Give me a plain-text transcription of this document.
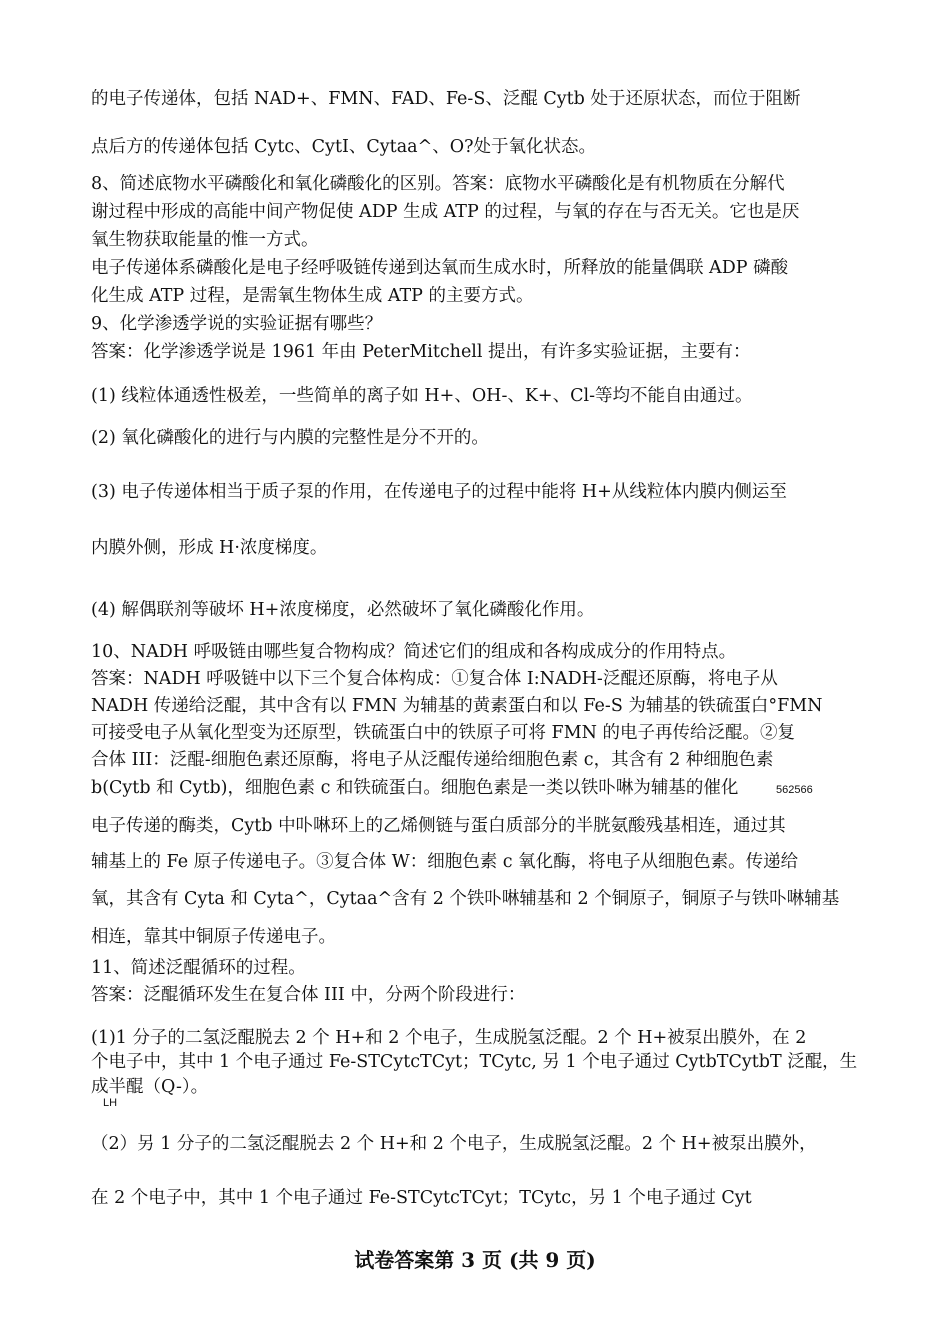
的电子传递体，包括 NAD+、FMN、FAD、Fe-S、泛醌 Cytb 处于还原状态，而位于阻断
点后方的传递体包括 Cytc、CytI、Cytaa^、O?处于氧化状态。
8、简述底物水平磷酸化和氧化磷酸化的区别。答案：底物水平磷酸化是有机物质在分解代
谢过程中形成的高能中间产物促使 ADP 生成 ATP 的过程，与氧的存在与否无关。它也是厌
氧生物获取能量的惟一方式。
电子传递体系磷酸化是电子经呼吸链传递到达氧而生成水时，所释放的能量偶联 ADP 磷酸
化生成 ATP 过程，是需氧生物体生成 ATP 的主要方式。
9、化学渗透学说的实验证据有哪些？
答案：化学渗透学说是 1961 年由 PeterMitchell 提出，有许多实验证据，主要有：
(1) 线粒体通透性极差，一些简单的离子如 H+、OH-、K+、Cl-等均不能自由通过。
(2) 氧化磷酸化的进行与内膜的完整性是分不开的。
(3) 电子传递体相当于质子泵的作用，在传递电子的过程中能将 H+从线粒体内膜内侧运至
内膜外侧，形成 H·浓度梯度。
(4) 解偶联剂等破坏 H+浓度梯度，必然破坏了氧化磷酸化作用。
10、NADH 呼吸链由哪些复合物构成？简述它们的组成和各构成成分的作用特点。
答案：NADH 呼吸链中以下三个复合体构成：①复合体 I:NADH-泛醌还原酶，将电子从
NADH 传递给泛醌，其中含有以 FMN 为辅基的黄素蛋白和以 Fe-S 为辅基的铁硫蛋白°FMN
可接受电子从氧化型变为还原型，铁硫蛋白中的铁原子可将 FMN 的电子再传给泛醌。②复
合体 III：泛醌-细胞色素还原酶，将电子从泛醌传递给细胞色素 c，其含有 2 种细胞色素
b(Cytb 和 Cytb)，细胞色素 c 和铁硫蛋白。细胞色素是一类以铁卟啉为辅基的催化	562566
电子传递的酶类，Cytb 中卟啉环上的乙烯侧链与蛋白质部分的半胱氨酸残基相连，通过其
辅基上的 Fe 原子传递电子。③复合体 W：细胞色素 c 氧化酶，将电子从细胞色素。传递给
氧，其含有 Cyta 和 Cyta^，Cytaa^含有 2 个铁卟啉辅基和 2 个铜原子，铜原子与铁卟啉辅基
相连，靠其中铜原子传递电子。
11、简述泛醌循环的过程。
答案：泛醌循环发生在复合体 III 中，分两个阶段进行：
(1)1 分子的二氢泛醌脱去 2 个 H+和 2 个电子，生成脱氢泛醌。2 个 H+被泵出膜外，在 2
个电子中，其中 1 个电子通过 Fe-STCytcTCyt；TCytc, 另 1 个电子通过 CytbTCytbT 泛醌，生
成半醌（Q-）。
LH
（2）另 1 分子的二氢泛醌脱去 2 个 H+和 2 个电子，生成脱氢泛醌。2 个 H+被泵出膜外，
在 2 个电子中，其中 1 个电子通过 Fe-STCytcTCyt；TCytc，另 1 个电子通过 Cyt
试卷答案第 3 页 (共 9 页)
